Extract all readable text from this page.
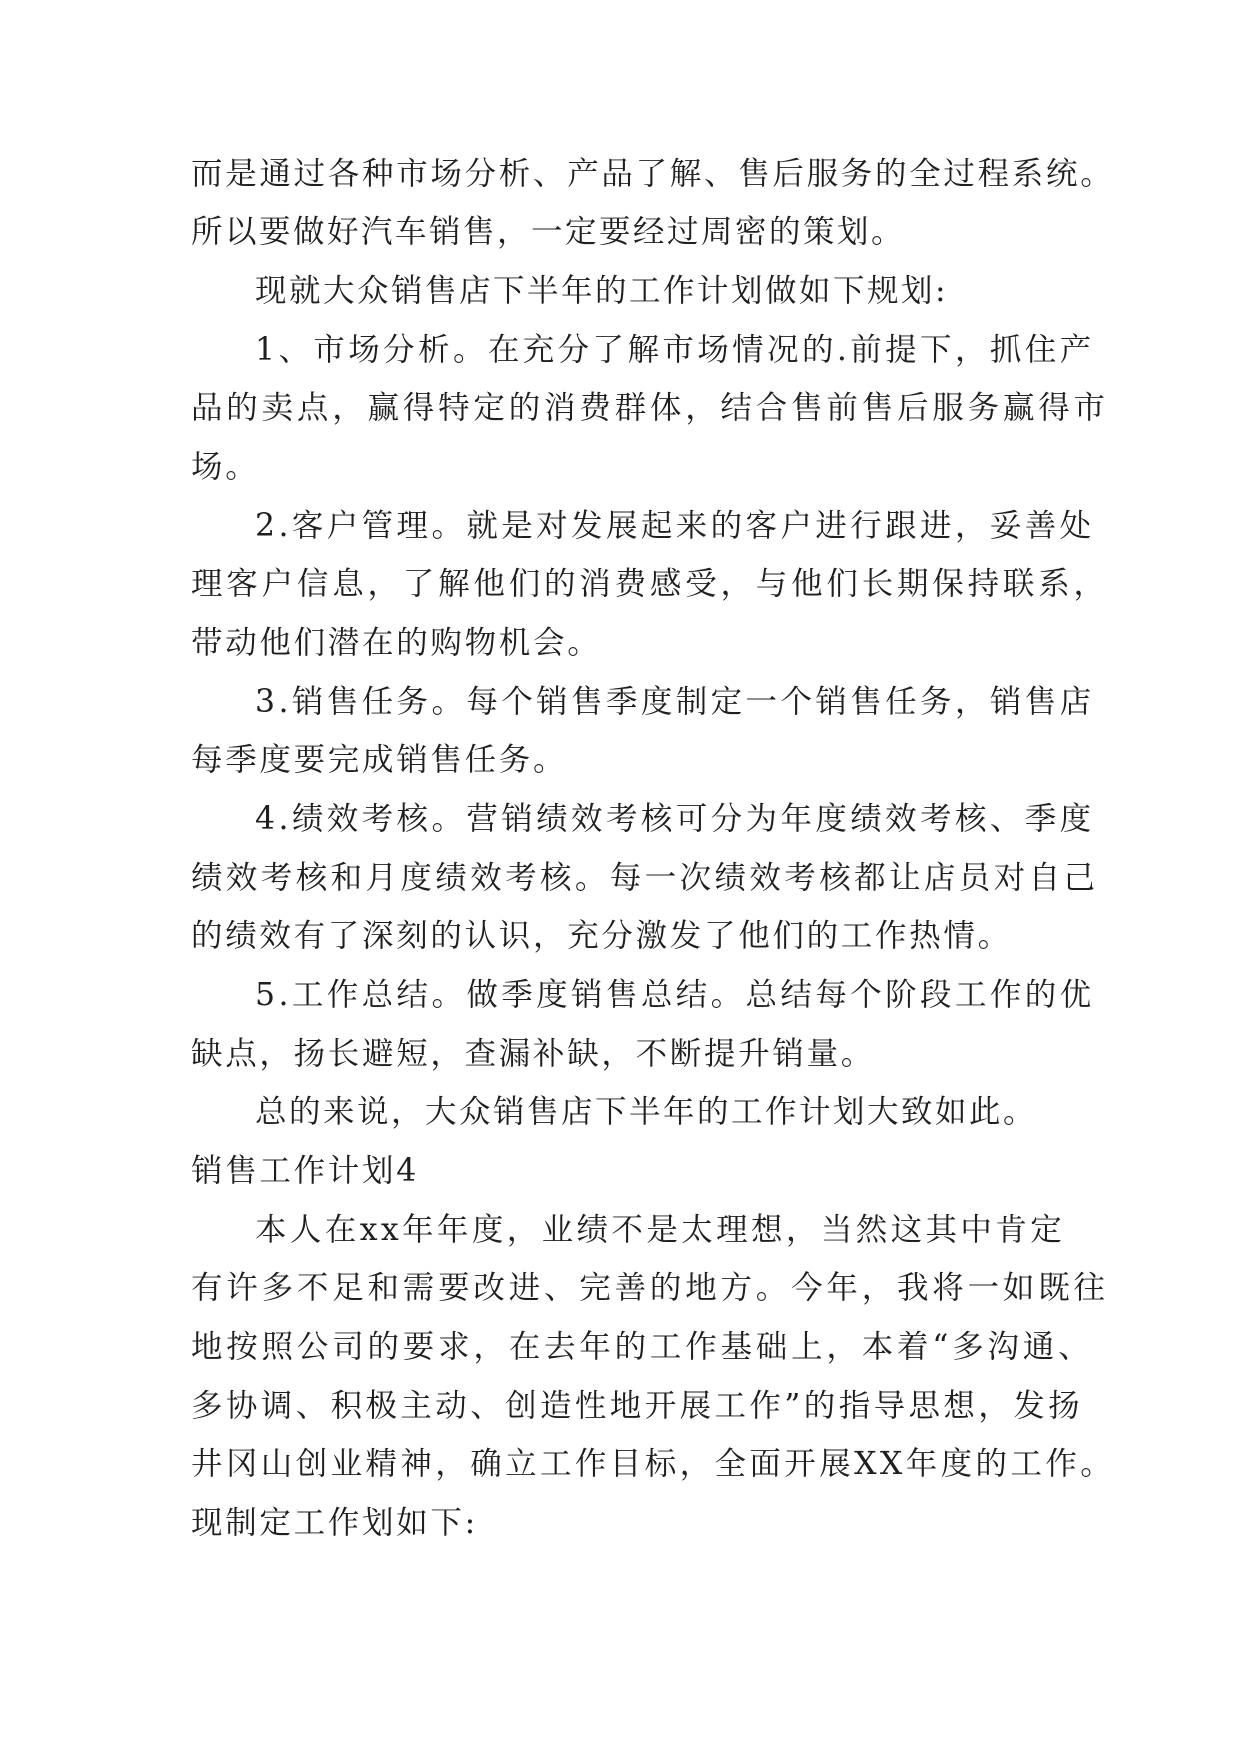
而是通过各种市场分析、产品了解、售后服务的全过程系统。

所以要做好汽车销售，一定要经过周密的策划。

现就大众销售店下半年的工作计划做如下规划:

1、市场分析。在充分了解市场情况的.前提下，抓住产

品的卖点，赢得特定的消费群体，结合售前售后服务赢得市

场。

2.客户管理。就是对发展起来的客户进行跟进，妥善处

理客户信息，了解他们的消费感受，与他们长期保持联系，

带动他们潜在的购物机会。

3.销售任务。每个销售季度制定一个销售任务，销售店

每季度要完成销售任务。

4.绩效考核。营销绩效考核可分为年度绩效考核、季度

绩效考核和月度绩效考核。每一次绩效考核都让店员对自己

的绩效有了深刻的认识，充分激发了他们的工作热情。

5.工作总结。做季度销售总结。总结每个阶段工作的优

缺点，扬长避短，查漏补缺，不断提升销量。

总的来说，大众销售店下半年的工作计划大致如此。

销售工作计划4

本人在xx年年度，业绩不是太理想，当然这其中肯定

有许多不足和需要改进、完善的地方。今年，我将一如既往

地按照公司的要求，在去年的工作基础上，本着“多沟通、

多协调、积极主动、创造性地开展工作”的指导思想，发扬

井冈山创业精神，确立工作目标，全面开展XX年度的工作。

现制定工作划如下:
